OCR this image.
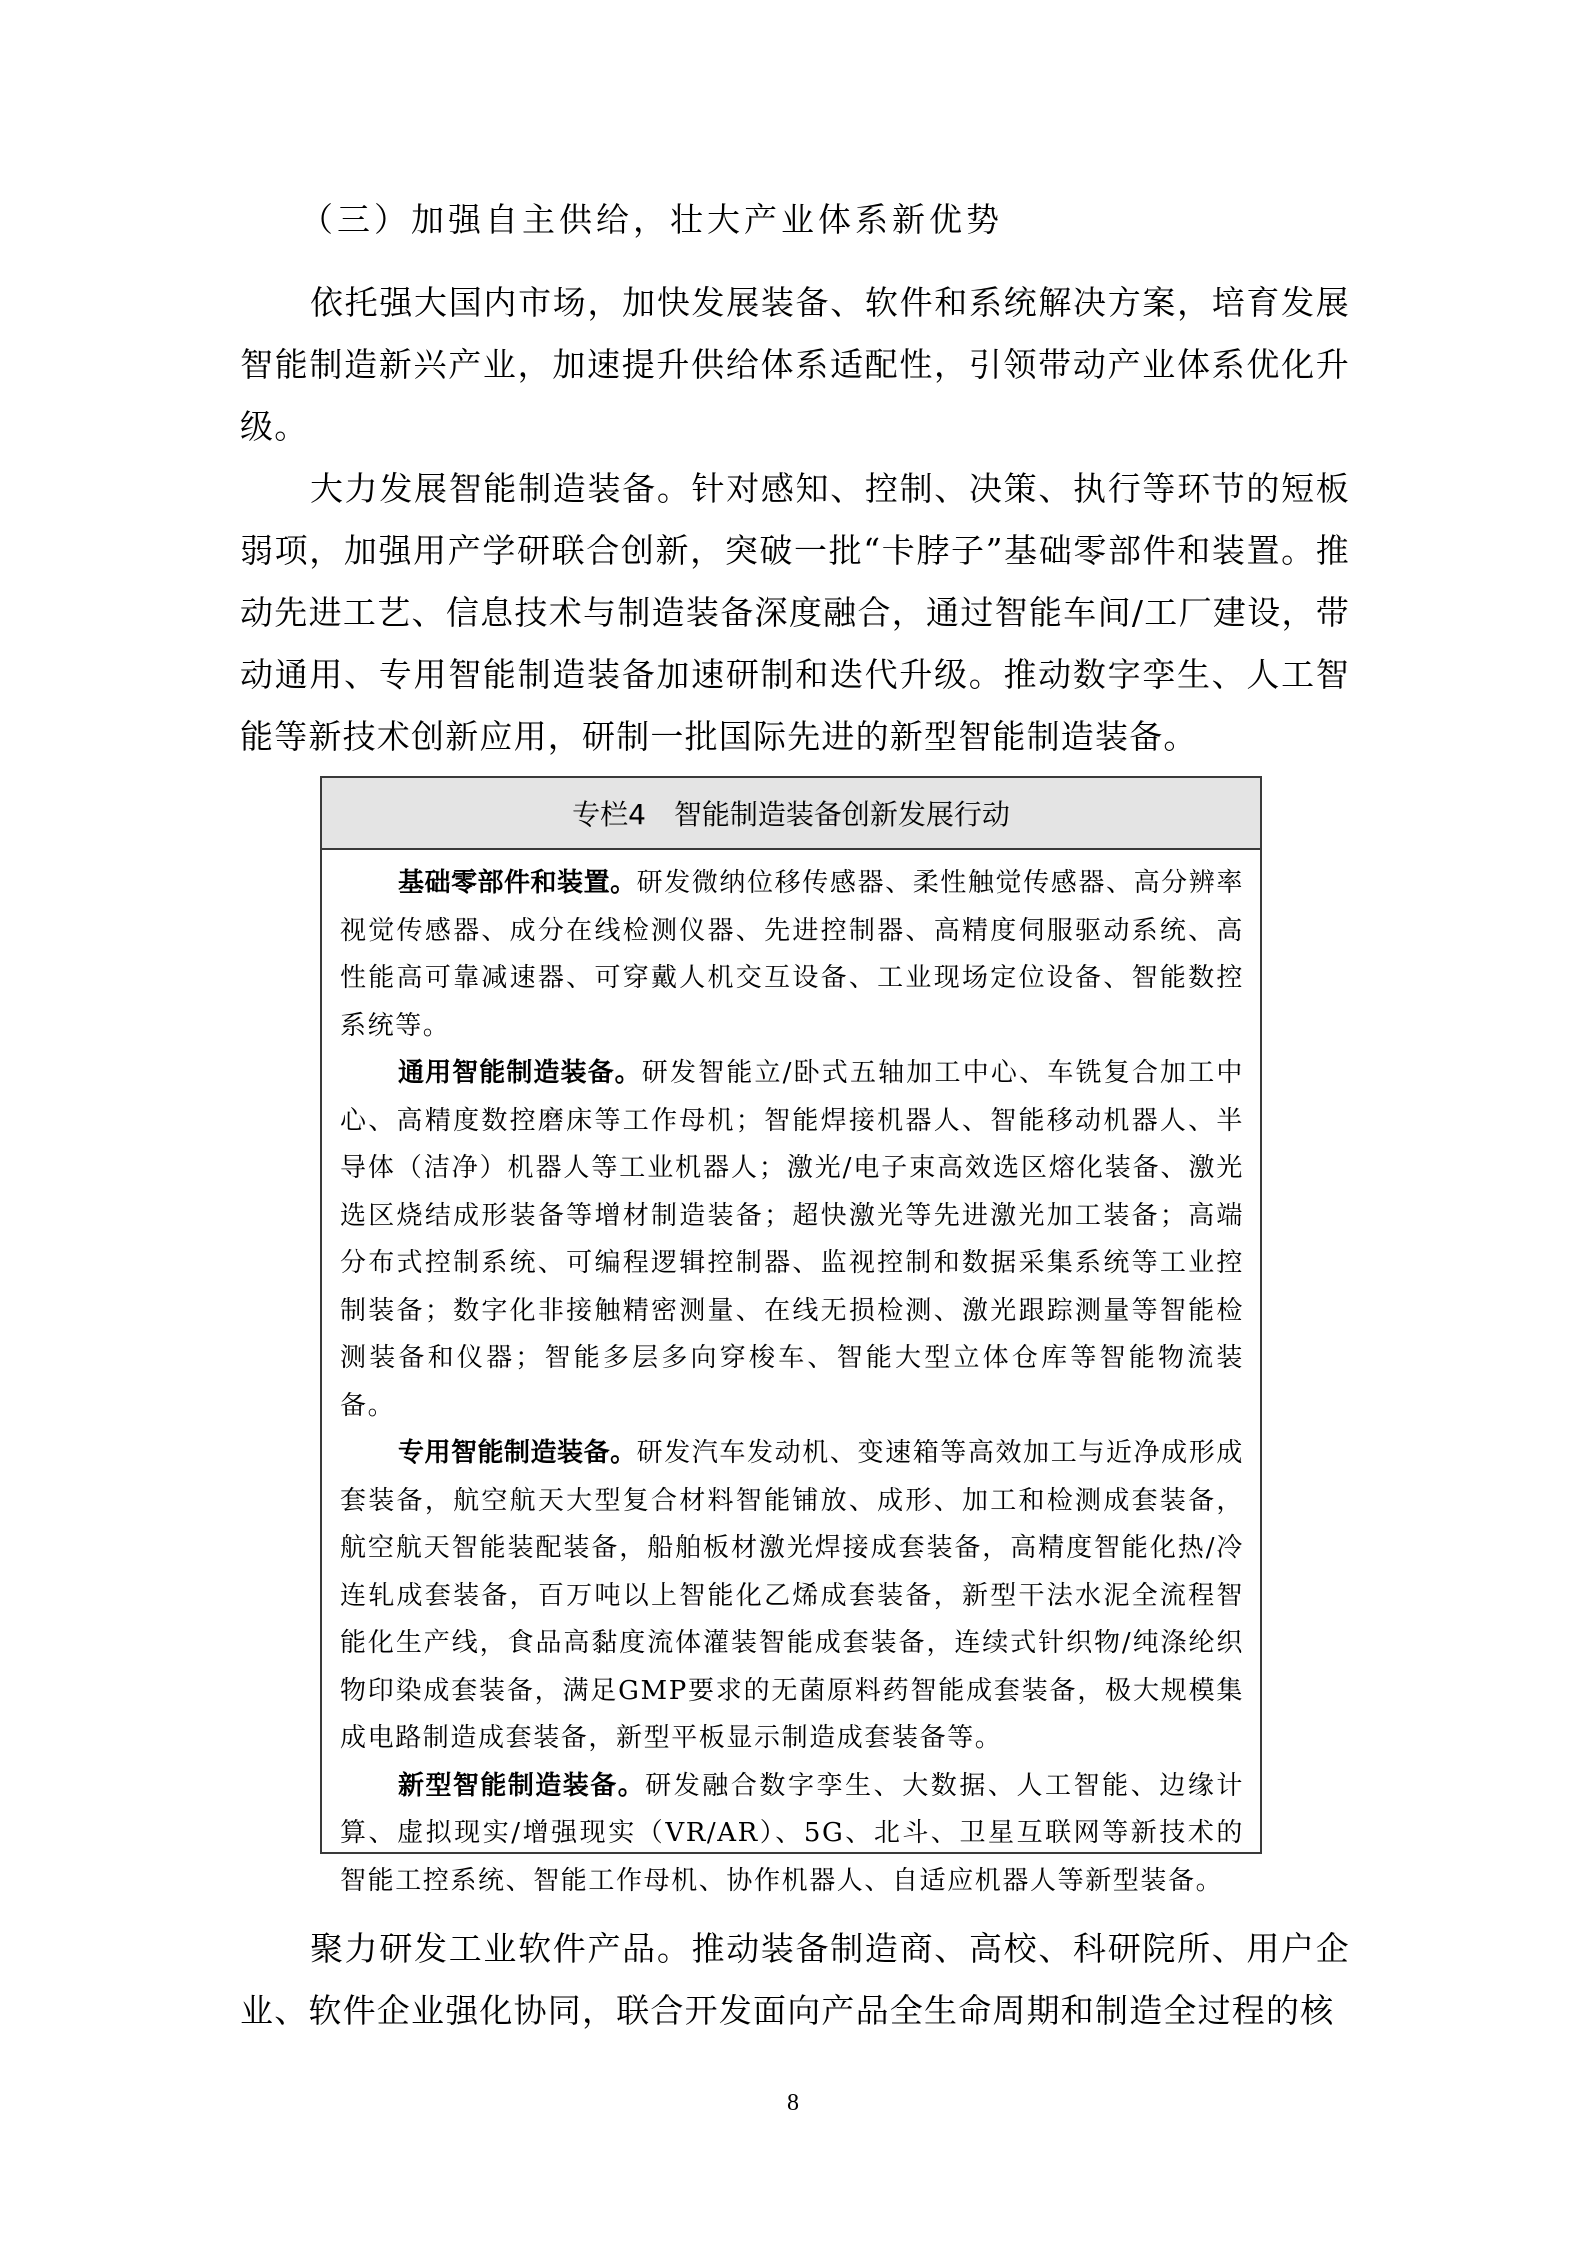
（三）加强自主供给，壮大产业体系新优势

依托强大国内市场，加快发展装备、软件和系统解决方案，培育发展智能制造新兴产业，加速提升供给体系适配性，引领带动产业体系优化升级。

大力发展智能制造装备。针对感知、控制、决策、执行等环节的短板弱项，加强用产学研联合创新，突破一批“卡脖子”基础零部件和装置。推动先进工艺、信息技术与制造装备深度融合，通过智能车间/工厂建设，带动通用、专用智能制造装备加速研制和迭代升级。推动数字孪生、人工智能等新技术创新应用，研制一批国际先进的新型智能制造装备。

专栏4 智能制造装备创新发展行动

基础零部件和装置。研发微纳位移传感器、柔性触觉传感器、高分辨率视觉传感器、成分在线检测仪器、先进控制器、高精度伺服驱动系统、高性能高可靠减速器、可穿戴人机交互设备、工业现场定位设备、智能数控系统等。

通用智能制造装备。研发智能立/卧式五轴加工中心、车铣复合加工中心、高精度数控磨床等工作母机；智能焊接机器人、智能移动机器人、半导体（洁净）机器人等工业机器人；激光/电子束高效选区熔化装备、激光选区烧结成形装备等增材制造装备；超快激光等先进激光加工装备；高端分布式控制系统、可编程逻辑控制器、监视控制和数据采集系统等工业控制装备；数字化非接触精密测量、在线无损检测、激光跟踪测量等智能检测装备和仪器；智能多层多向穿梭车、智能大型立体仓库等智能物流装备。

专用智能制造装备。研发汽车发动机、变速箱等高效加工与近净成形成套装备，航空航天大型复合材料智能铺放、成形、加工和检测成套装备，航空航天智能装配装备，船舶板材激光焊接成套装备，高精度智能化热/冷连轧成套装备，百万吨以上智能化乙烯成套装备，新型干法水泥全流程智能化生产线，食品高黏度流体灌装智能成套装备，连续式针织物/纯涤纶织物印染成套装备，满足GMP要求的无菌原料药智能成套装备，极大规模集成电路制造成套装备，新型平板显示制造成套装备等。

新型智能制造装备。研发融合数字孪生、大数据、人工智能、边缘计算、虚拟现实/增强现实（VR/AR）、5G、北斗、卫星互联网等新技术的智能工控系统、智能工作母机、协作机器人、自适应机器人等新型装备。

聚力研发工业软件产品。推动装备制造商、高校、科研院所、用户企业、软件企业强化协同，联合开发面向产品全生命周期和制造全过程的核

8
